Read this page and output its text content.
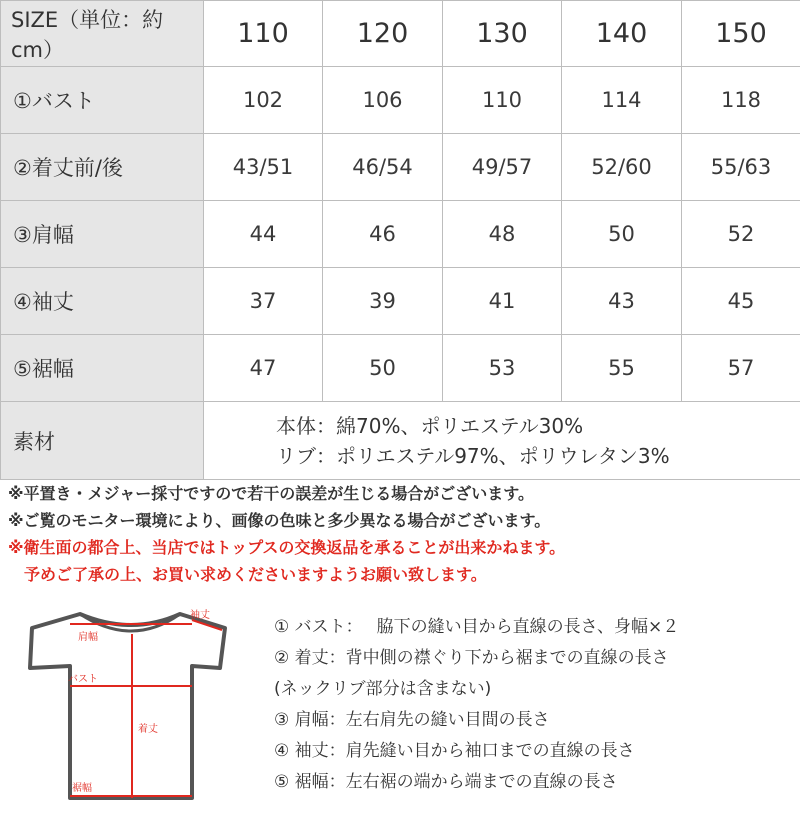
SIZE（単位：約 cm）	110	120	130	140	150
①バスト	102	106	110	114	118
②着丈前/後	43/51	46/54	49/57	52/60	55/63
③肩幅	44	46	48	50	52
④袖丈	37	39	41	43	45
⑤裾幅	47	50	53	55	57
素材	本体：綿70%、ポリエステル30%
リブ：ポリエステル97%、ポリウレタン3%				
※平置き・メジャー採寸ですので若干の誤差が生じる場合がございます。
※ご覧のモニター環境により、画像の色味と多少異なる場合がございます。
※衛生面の都合上、当店ではトップスの交換返品を承ることが出来かねます。
予めご了承の上、お買い求めくださいますようお願い致します。
袖丈
肩幅
バスト
着丈
裾幅
① バスト： 脇下の縫い目から直線の長さ、身幅×２
② 着丈：背中側の襟ぐり下から裾までの直線の長さ
(ネックリブ部分は含まない)
③ 肩幅：左右肩先の縫い目間の長さ
④ 袖丈：肩先縫い目から袖口までの直線の長さ
⑤ 裾幅：左右裾の端から端までの直線の長さ
